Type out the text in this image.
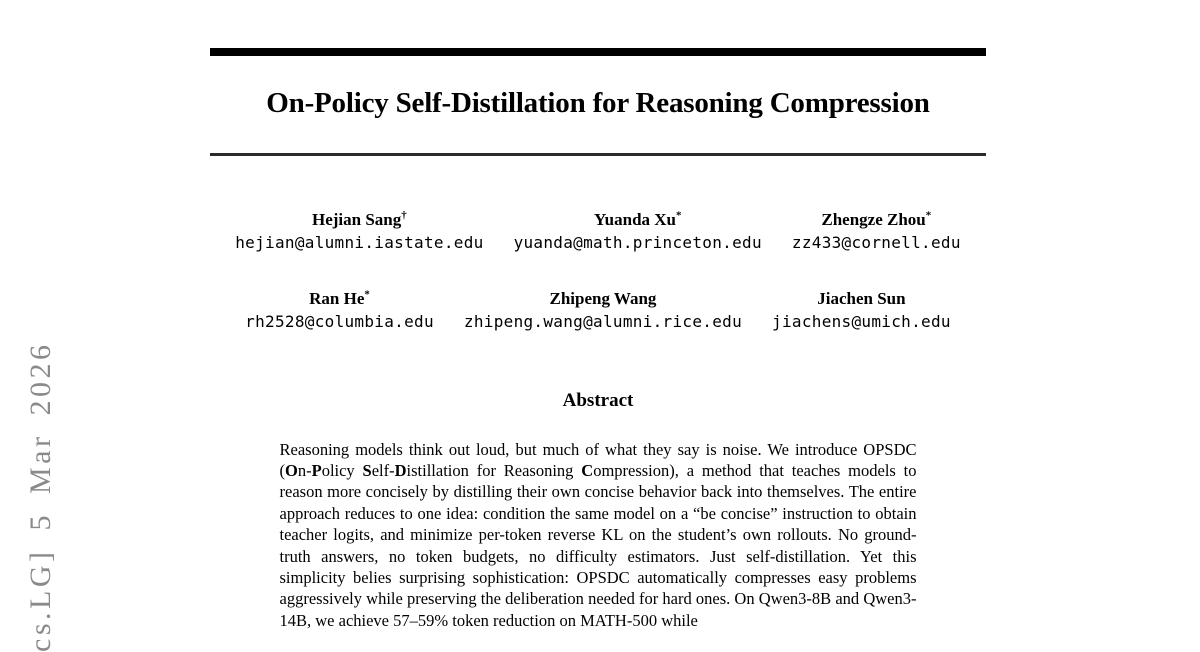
cs.LG] 5 Mar 2026
On-Policy Self-Distillation for Reasoning Compression
Hejian Sang†
hejian@alumni.iastate.edu
Yuanda Xu*
yuanda@math.princeton.edu
Zhengze Zhou*
zz433@cornell.edu
Ran He*
rh2528@columbia.edu
Zhipeng Wang
zhipeng.wang@alumni.rice.edu
Jiachen Sun
jiachens@umich.edu
Abstract

Reasoning models think out loud, but much of what they say is noise. We introduce OPSDC (On-Policy Self-Distillation for Reasoning Compression), a method that teaches models to reason more concisely by distilling their own concise behavior back into themselves. The entire approach reduces to one idea: condition the same model on a “be concise” instruction to obtain teacher logits, and minimize per-token reverse KL on the student’s own rollouts. No ground-truth answers, no token budgets, no difficulty estimators. Just self-distillation. Yet this simplicity belies surprising sophistication: OPSDC automatically compresses easy problems aggressively while preserving the deliberation needed for hard ones. On Qwen3-8B and Qwen3-14B, we achieve 57–59% token reduction on MATH-500 while
